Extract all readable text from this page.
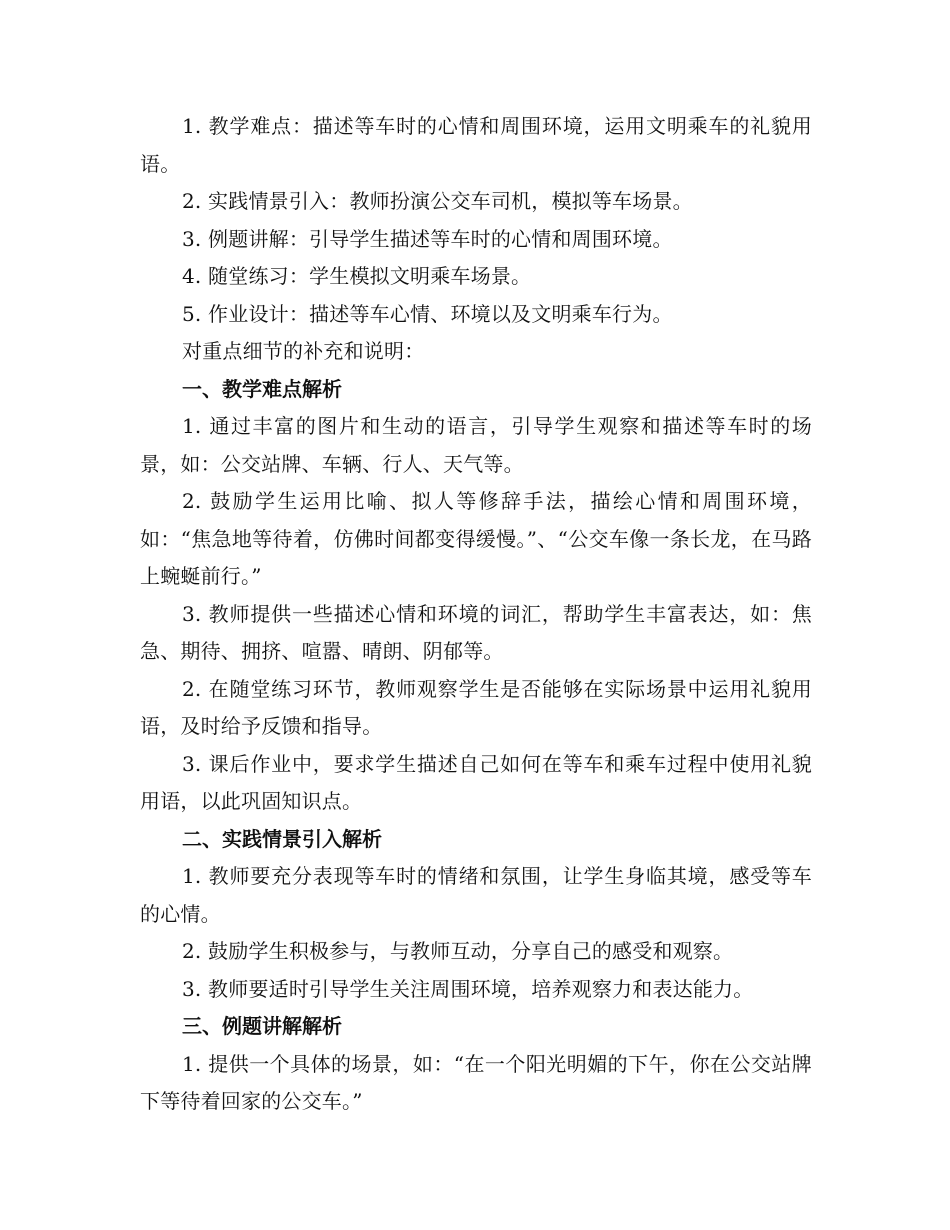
1. 教学难点：描述等车时的心情和周围环境，运用文明乘车的礼貌用语。

2. 实践情景引入：教师扮演公交车司机，模拟等车场景。

3. 例题讲解：引导学生描述等车时的心情和周围环境。

4. 随堂练习：学生模拟文明乘车场景。

5. 作业设计：描述等车心情、环境以及文明乘车行为。

对重点细节的补充和说明：

一、教学难点解析

1. 通过丰富的图片和生动的语言，引导学生观察和描述等车时的场景，如：公交站牌、车辆、行人、天气等。

2. 鼓励学生运用比喻、拟人等修辞手法，描绘心情和周围环境，如：“焦急地等待着，仿佛时间都变得缓慢。”、“公交车像一条长龙，在马路上蜿蜒前行。”

3. 教师提供一些描述心情和环境的词汇，帮助学生丰富表达，如：焦急、期待、拥挤、喧嚣、晴朗、阴郁等。

2. 在随堂练习环节，教师观察学生是否能够在实际场景中运用礼貌用语，及时给予反馈和指导。

3. 课后作业中，要求学生描述自己如何在等车和乘车过程中使用礼貌用语，以此巩固知识点。

二、实践情景引入解析

1. 教师要充分表现等车时的情绪和氛围，让学生身临其境，感受等车的心情。

2. 鼓励学生积极参与，与教师互动，分享自己的感受和观察。

3. 教师要适时引导学生关注周围环境，培养观察力和表达能力。

三、例题讲解解析

1. 提供一个具体的场景，如：“在一个阳光明媚的下午，你在公交站牌下等待着回家的公交车。”
